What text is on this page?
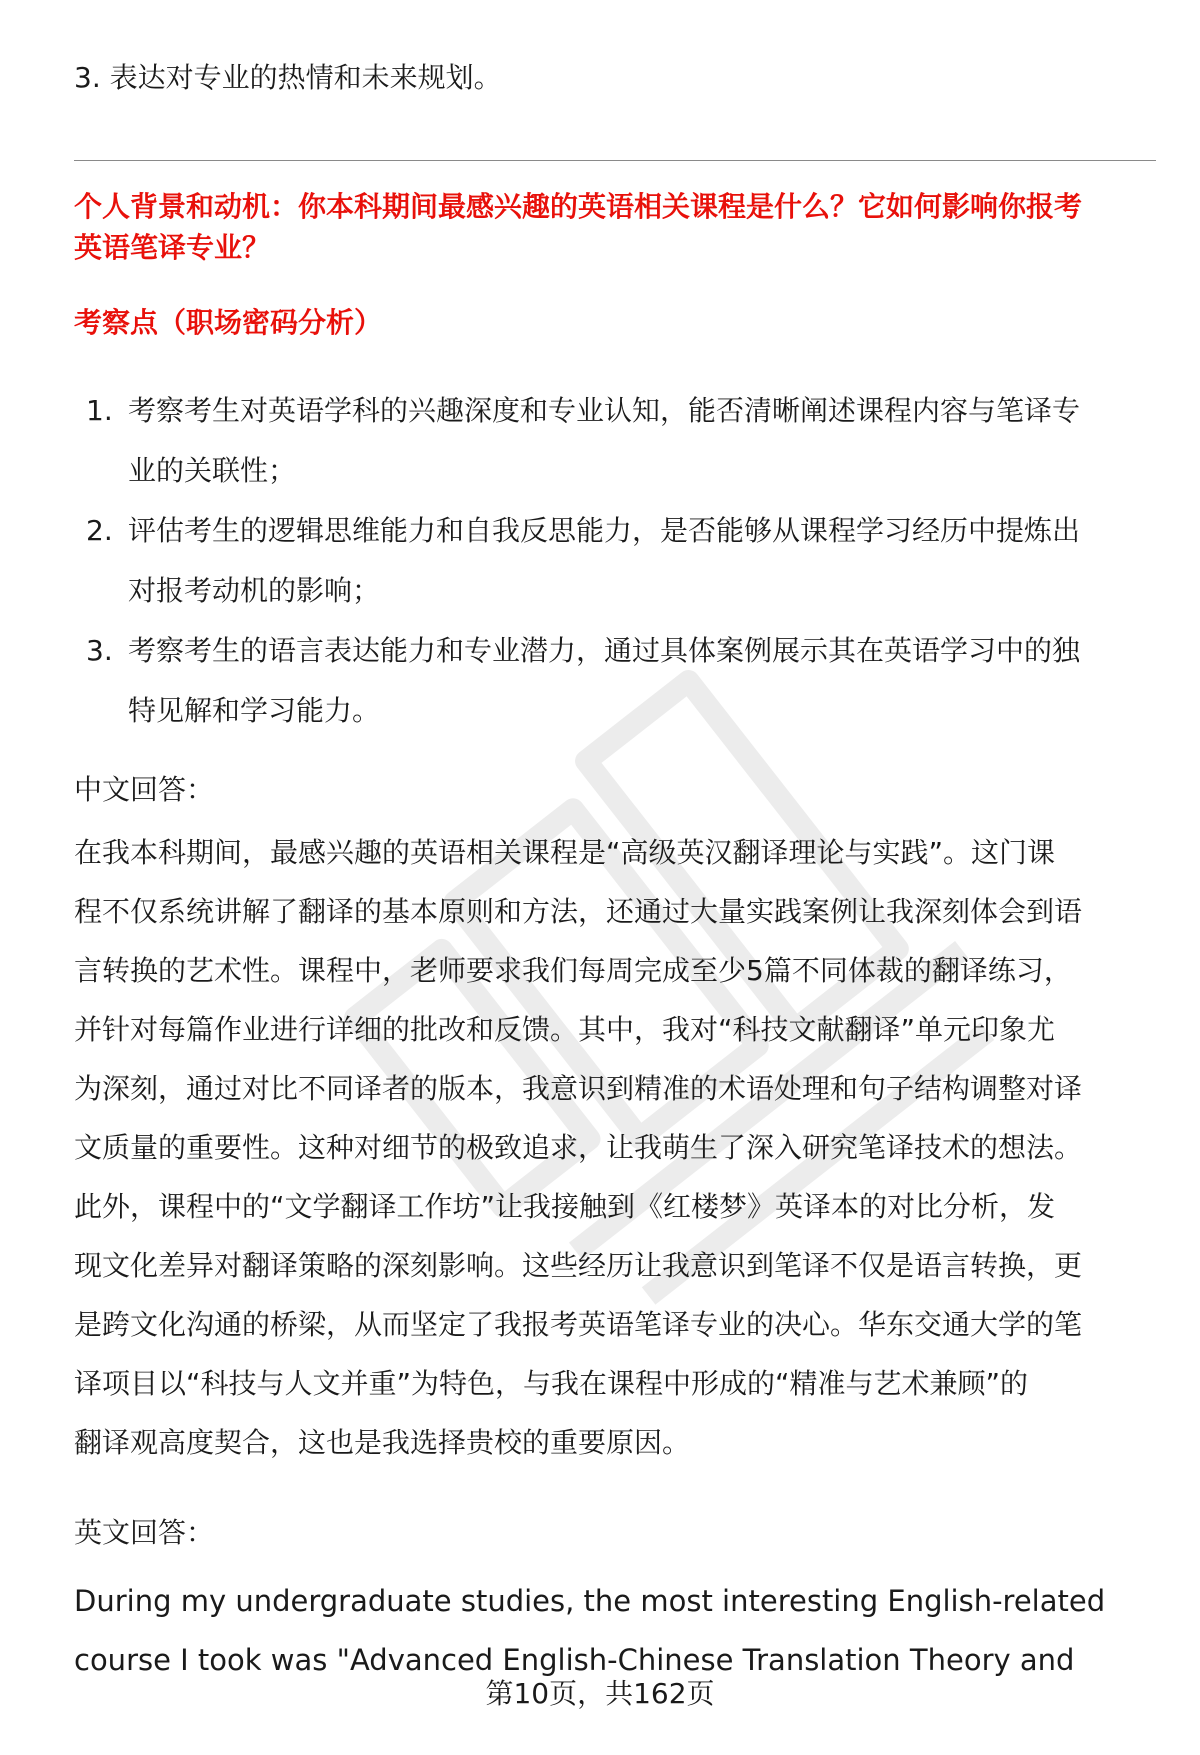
3. 表达对专业的热情和未来规划。
个人背景和动机：你本科期间最感兴趣的英语相关课程是什么？它如何影响你报考
英语笔译专业？
考察点（职场密码分析）
1. 考察考生对英语学科的兴趣深度和专业认知，能否清晰阐述课程内容与笔译专
业的关联性；
2. 评估考生的逻辑思维能力和自我反思能力，是否能够从课程学习经历中提炼出
对报考动机的影响；
3. 考察考生的语言表达能力和专业潜力，通过具体案例展示其在英语学习中的独
特见解和学习能力。
中文回答：
在我本科期间，最感兴趣的英语相关课程是“高级英汉翻译理论与实践”。这门课
程不仅系统讲解了翻译的基本原则和方法，还通过大量实践案例让我深刻体会到语
言转换的艺术性。课程中，老师要求我们每周完成至少5篇不同体裁的翻译练习，
并针对每篇作业进行详细的批改和反馈。其中，我对“科技文献翻译”单元印象尤
为深刻，通过对比不同译者的版本，我意识到精准的术语处理和句子结构调整对译
文质量的重要性。这种对细节的极致追求，让我萌生了深入研究笔译技术的想法。
此外，课程中的“文学翻译工作坊”让我接触到《红楼梦》英译本的对比分析，发
现文化差异对翻译策略的深刻影响。这些经历让我意识到笔译不仅是语言转换，更
是跨文化沟通的桥梁，从而坚定了我报考英语笔译专业的决心。华东交通大学的笔
译项目以“科技与人文并重”为特色，与我在课程中形成的“精准与艺术兼顾”的
翻译观高度契合，这也是我选择贵校的重要原因。
英文回答：
During my undergraduate studies, the most interesting English-related
course I took was "Advanced English-Chinese Translation Theory and
第10页，共162页
